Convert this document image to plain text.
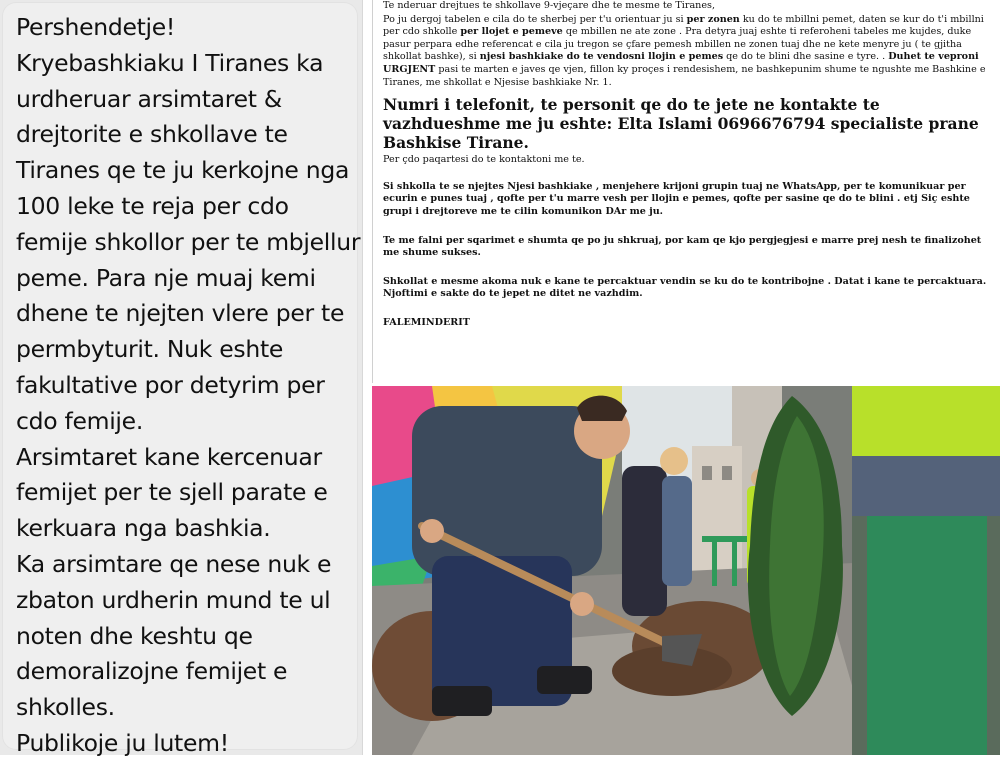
Pershendetje!
Kryebashkiaku I Tiranes ka urdheruar arsimtaret & drejtorite e shkollave te Tiranes qe te ju kerkojne nga 100 leke te reja per cdo femije shkollor per te mbjellur peme. Para nje muaj kemi dhene te njejten vlere per te permbyturit. Nuk eshte fakultative por detyrim per cdo femije.
Arsimtaret kane kercenuar femijet per te sjell parate e kerkuara nga bashkia.
Ka arsimtare qe nese nuk e zbaton urdherin mund te ul noten dhe keshtu qe demoralizojne femijet e shkolles.
Publikoje ju lutem!

Te nderuar drejtues te shkollave 9-vjeçare dhe te mesme te Tiranes,

Po ju dergoj tabelen e cila do te sherbej per t'u orientuar ju si per zonen ku do te mbillni pemet, daten se kur do t'i mbillni per cdo shkolle per llojet e pemeve qe mbillen ne ate zone . Pra detyra juaj eshte ti referoheni tabeles me kujdes, duke pasur perpara edhe referencat e cila ju tregon se çfare pemesh mbillen ne zonen tuaj dhe ne kete menyre ju ( te gjitha shkollat bashke), si njesi bashkiake do te vendosni llojin e pemes qe do te blini dhe sasine e tyre. . Duhet te veproni URGJENT pasi te marten e javes qe vjen, fillon ky proçes i rendesishem, ne bashkepunim shume te ngushte me Bashkine e Tiranes, me shkollat e Njesise bashkiake Nr. 1.

Numri i telefonit, te personit qe do te jete ne kontakte te vazhdueshme me ju eshte: Elta Islami 0696676794 specialiste prane Bashkise Tirane.

Per çdo paqartesi do te kontaktoni me te.

Si shkolla te se njejtes Njesi bashkiake , menjehere krijoni grupin tuaj ne WhatsApp, per te komunikuar per ecurin e punes tuaj , qofte per t'u marre vesh per llojin e pemes, qofte per sasine qe do te blini . etj Siç eshte grupi i drejtoreve me te cilin komunikon DAr me ju.

Te me falni per sqarimet e shumta qe po ju shkruaj, por kam qe kjo pergjegjesi e marre prej nesh te finalizohet me shume sukses.

Shkollat e mesme akoma nuk e kane te percaktuar vendin se ku do te kontribojne . Datat i kane te percaktuara. Njoftimi e sakte do te jepet ne ditet ne vazhdim.

FALEMINDERIT
